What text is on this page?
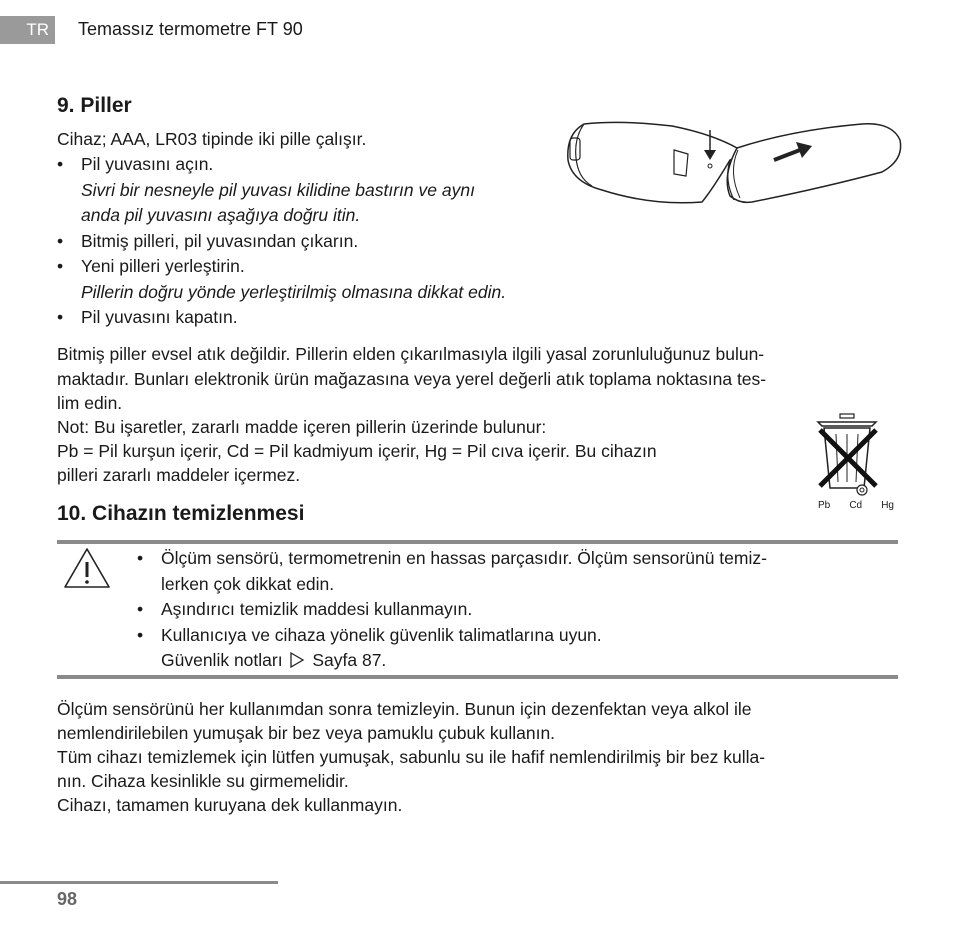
TR	Temassız termometre FT 90
9. Piller

Cihaz; AAA, LR03 tipinde iki pille çalışır.

• Pil yuvasını açın.
Sivri bir nesneyle pil yuvası kilidine bastırın ve aynı
anda pil yuvasını aşağıya doğru itin.
• Bitmiş pilleri, pil yuvasından çıkarın.
• Yeni pilleri yerleştirin.
Pillerin doğru yönde yerleştirilmiş olmasına dikkat edin.
• Pil yuvasını kapatın.

Bitmiş piller evsel atık değildir. Pillerin elden çıkarılmasıyla ilgili yasal zorunluluğunuz bulun-

maktadır. Bunları elektronik ürün mağazasına veya yerel değerli atık toplama noktasına tes-

lim edin.

Not: Bu işaretler, zararlı madde içeren pillerin üzerinde bulunur:

Pb = Pil kurşun içerir, Cd = Pil kadmiyum içerir, Hg = Pil cıva içerir. Bu cihazın

pilleri zararlı maddeler içermez.

Pb Cd Hg
10. Cihazın temizlenmesi
• Ölçüm sensörü, termometrenin en hassas parçasıdır. Ölçüm sensorünü temiz-
lerken çok dikkat edin.
• Aşındırıcı temizlik maddesi kullanmayın.
• Kullanıcıya ve cihaza yönelik güvenlik talimatlarına uyun.
Güvenlik notları Sayfa 87.

Ölçüm sensörünü her kullanımdan sonra temizleyin. Bunun için dezenfektan veya alkol ile

nemlendirilebilen yumuşak bir bez veya pamuklu çubuk kullanın.

Tüm cihazı temizlemek için lütfen yumuşak, sabunlu su ile hafif nemlendirilmiş bir bez kulla-

nın. Cihaza kesinlikle su girmemelidir.

Cihazı, tamamen kuruyana dek kullanmayın.

98
